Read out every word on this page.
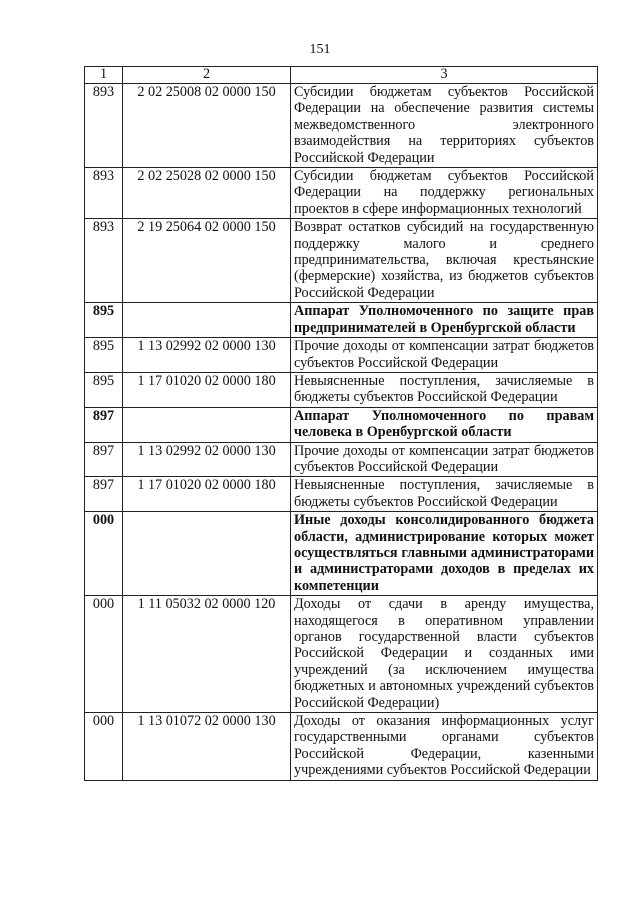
151
1	2	3
893	2 02 25008 02 0000 150	Субсидии бюджетам субъектов Российской Федерации на обеспечение развития системы межведомственного электронного взаимодействия на территориях субъектов Российской Федерации
893	2 02 25028 02 0000 150	Субсидии бюджетам субъектов Российской Федерации на поддержку региональных проектов в сфере информационных технологий
893	2 19 25064 02 0000 150	Возврат остатков субсидий на государственную поддержку малого и среднего предпринимательства, включая крестьянские (фермерские) хозяйства, из бюджетов субъектов Российской Федерации
895		Аппарат Уполномоченного по защите прав предпринимателей в Оренбургской области
895	1 13 02992 02 0000 130	Прочие доходы от компенсации затрат бюджетов субъектов Российской Федерации
895	1 17 01020 02 0000 180	Невыясненные поступления, зачисляемые в бюджеты субъектов Российской Федерации
897		Аппарат Уполномоченного по правам человека в Оренбургской области
897	1 13 02992 02 0000 130	Прочие доходы от компенсации затрат бюджетов субъектов Российской Федерации
897	1 17 01020 02 0000 180	Невыясненные поступления, зачисляемые в бюджеты субъектов Российской Федерации
000		Иные доходы консолидированного бюджета области, администрирование которых может осуществляться главными администраторами и администраторами доходов в пределах их компетенции
000	1 11 05032 02 0000 120	Доходы от сдачи в аренду имущества, находящегося в оперативном управлении органов государственной власти субъектов Российской Федерации и созданных ими учреждений (за исключением имущества бюджетных и автономных учреждений субъектов Российской Федерации)
000	1 13 01072 02 0000 130	Доходы от оказания информационных услуг государственными органами субъектов Российской Федерации, казенными учреждениями субъектов Российской Федерации
